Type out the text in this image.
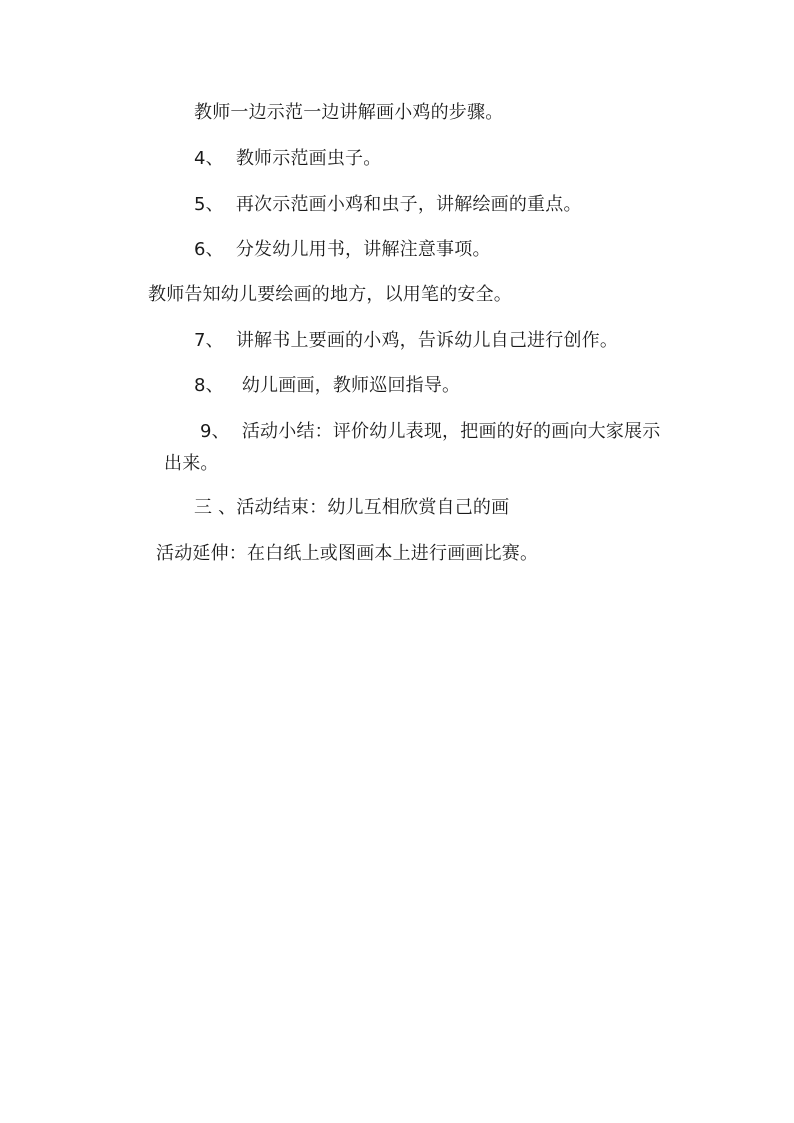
教师一边示范一边讲解画小鸡的步骤。
4、 教师示范画虫子。
5、 再次示范画小鸡和虫子，讲解绘画的重点。
6、 分发幼儿用书，讲解注意事项。
教师告知幼儿要绘画的地方，以用笔的安全。
7、 讲解书上要画的小鸡，告诉幼儿自己进行创作。
8、 幼儿画画，教师巡回指导。
9、 活动小结：评价幼儿表现，把画的好的画向大家展示
出来。
三 、活动结束：幼儿互相欣赏自己的画
活动延伸：在白纸上或图画本上进行画画比赛。
